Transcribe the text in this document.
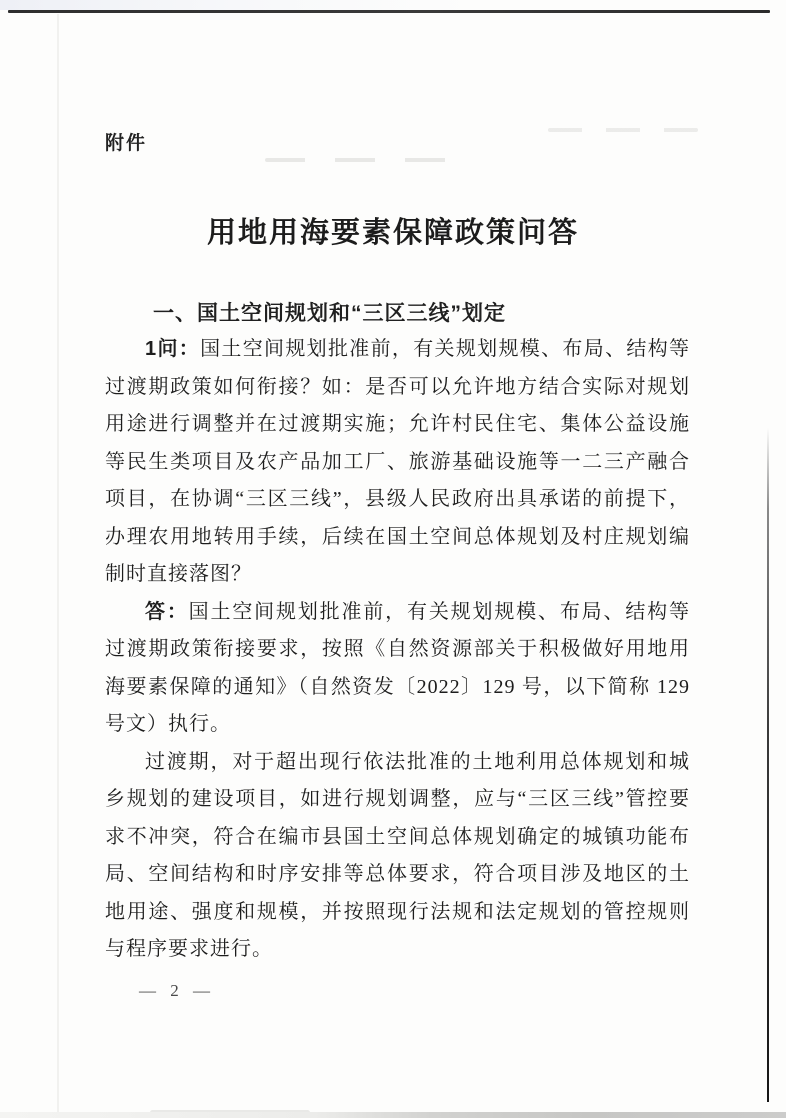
附件
用地用海要素保障政策问答
一、国土空间规划和“三区三线”划定

1问：国土空间规划批准前，有关规划规模、布局、结构等过渡期政策如何衔接？如：是否可以允许地方结合实际对规划用途进行调整并在过渡期实施；允许村民住宅、集体公益设施等民生类项目及农产品加工厂、旅游基础设施等一二三产融合项目，在协调“三区三线”，县级人民政府出具承诺的前提下，办理农用地转用手续，后续在国土空间总体规划及村庄规划编制时直接落图？

答：国土空间规划批准前，有关规划规模、布局、结构等过渡期政策衔接要求，按照《自然资源部关于积极做好用地用海要素保障的通知》（自然资发〔2022〕129 号，以下简称 129 号文）执行。

过渡期，对于超出现行依法批准的土地利用总体规划和城乡规划的建设项目，如进行规划调整，应与“三区三线”管控要求不冲突，符合在编市县国土空间总体规划确定的城镇功能布局、空间结构和时序安排等总体要求，符合项目涉及地区的土地用途、强度和规模，并按照现行法规和法定规划的管控规则与程序要求进行。

— 2 —
